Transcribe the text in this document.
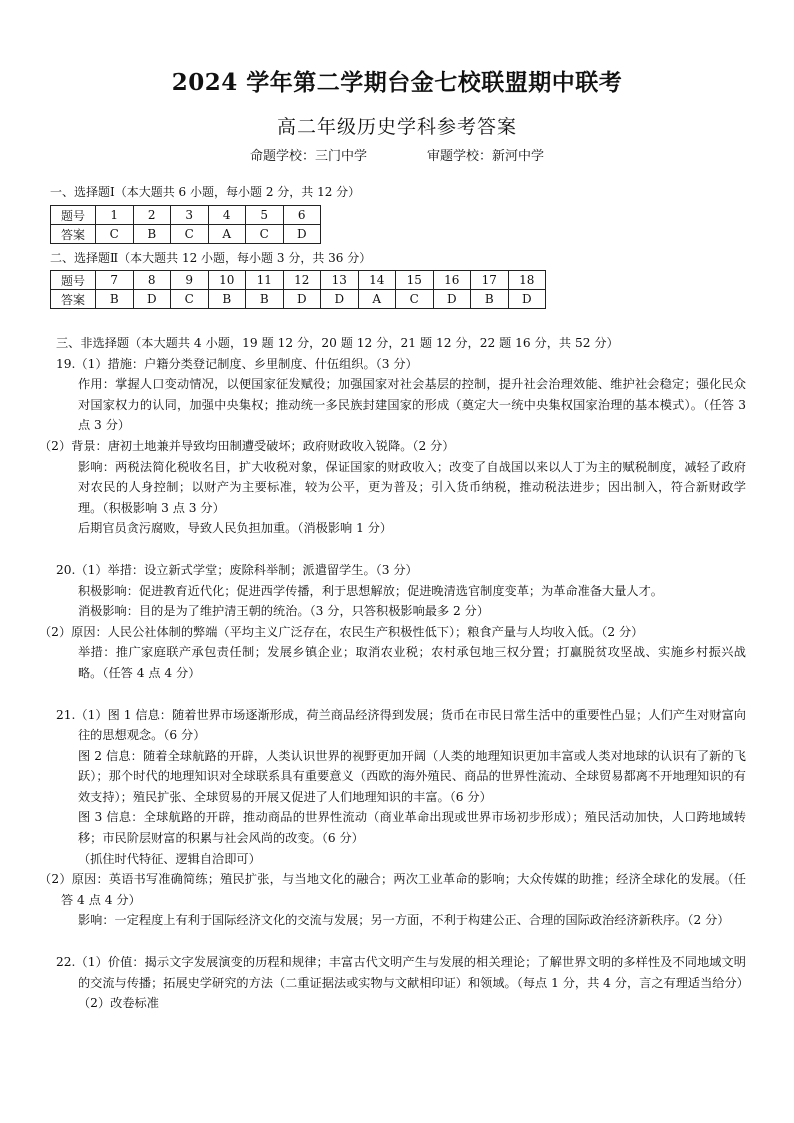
2024 学年第二学期台金七校联盟期中联考
高二年级历史学科参考答案
命题学校：三门中学	审题学校：新河中学
一、选择题Ⅰ（本大题共 6 小题，每小题 2 分，共 12 分）
题号	1	2	3	4	5	6
答案	C	B	C	A	C	D
二、选择题Ⅱ（本大题共 12 小题，每小题 3 分，共 36 分）
题号	7	8	9	10	11	12	13	14	15	16	17	18
答案	B	D	C	B	B	D	D	A	C	D	B	D

三、非选择题（本大题共 4 小题，19 题 12 分，20 题 12 分，21 题 12 分，22 题 16 分，共 52 分）

19.（1）措施：户籍分类登记制度、乡里制度、什伍组织。（3 分）

作用：掌握人口变动情况，以便国家征发赋役；加强国家对社会基层的控制，提升社会治理效能、维护社会稳定；强化民众对国家权力的认同，加强中央集权；推动统一多民族封建国家的形成（奠定大一统中央集权国家治理的基本模式）。（任答 3 点 3 分）

（2）背景：唐初土地兼并导致均田制遭受破坏；政府财政收入锐降。（2 分）

影响：两税法简化税收名目，扩大收税对象，保证国家的财政收入；改变了自战国以来以人丁为主的赋税制度，减轻了政府对农民的人身控制；以财产为主要标准，较为公平，更为普及；引入货币纳税，推动税法进步；因出制入，符合新财政学理。（积极影响 3 点 3 分）

后期官员贪污腐败，导致人民负担加重。（消极影响 1 分）

20.（1）举措：设立新式学堂；废除科举制；派遣留学生。（3 分）

积极影响：促进教育近代化；促进西学传播，利于思想解放；促进晚清选官制度变革；为革命准备大量人才。

消极影响：目的是为了维护清王朝的统治。（3 分，只答积极影响最多 2 分）

（2）原因：人民公社体制的弊端（平均主义广泛存在，农民生产积极性低下）；粮食产量与人均收入低。（2 分）

举措：推广家庭联产承包责任制；发展乡镇企业；取消农业税；农村承包地三权分置；打赢脱贫攻坚战、实施乡村振兴战略。（任答 4 点 4 分）

21.（1）图 1 信息：随着世界市场逐渐形成，荷兰商品经济得到发展；货币在市民日常生活中的重要性凸显；人们产生对财富向往的思想观念。（6 分）

图 2 信息：随着全球航路的开辟，人类认识世界的视野更加开阔（人类的地理知识更加丰富或人类对地球的认识有了新的飞跃）；那个时代的地理知识对全球联系具有重要意义（西欧的海外殖民、商品的世界性流动、全球贸易都离不开地理知识的有效支持）；殖民扩张、全球贸易的开展又促进了人们地理知识的丰富。（6 分）

图 3 信息：全球航路的开辟，推动商品的世界性流动（商业革命出现或世界市场初步形成）；殖民活动加快，人口跨地域转移；市民阶层财富的积累与社会风尚的改变。（6 分）

（抓住时代特征、逻辑自洽即可）

（2）原因：英语书写准确简练；殖民扩张，与当地文化的融合；两次工业革命的影响；大众传媒的助推；经济全球化的发展。（任答 4 点 4 分）

影响：一定程度上有利于国际经济文化的交流与发展；另一方面，不利于构建公正、合理的国际政治经济新秩序。（2 分）

22.（1）价值：揭示文字发展演变的历程和规律；丰富古代文明产生与发展的相关理论；了解世界文明的多样性及不同地域文明的交流与传播；拓展史学研究的方法（二重证据法或实物与文献相印证）和领域。（每点 1 分，共 4 分，言之有理适当给分）

（2）改卷标准
